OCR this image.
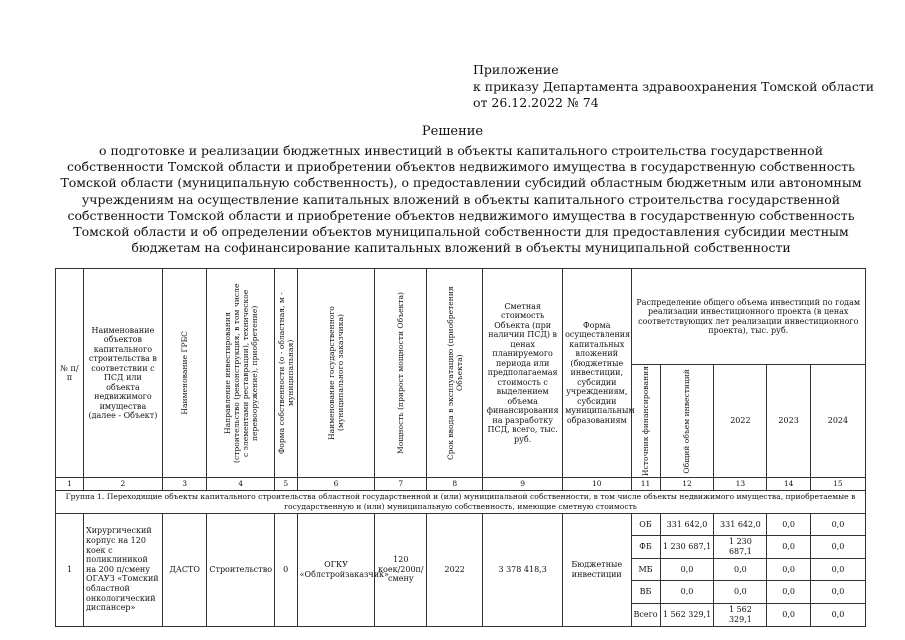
Приложение
к приказу Департамента здравоохранения Томской области
от 26.12.2022 № 74
Решение
о подготовке и реализации бюджетных инвестиций в объекты капитального строительства государственной собственности Томской области и приобретении объектов недвижимого имущества в государственную собственность Томской области (муниципальную собственность), о предоставлении субсидий областным бюджетным или автономным учреждениям на осуществление капитальных вложений в объекты капитального строительства государственной собственности Томской области и приобретение объектов недвижимого имущества в государственную собственность Томской области и об определении объектов муниципальной собственности для предоставления субсидии местным бюджетам на софинансирование капитальных вложений в объекты муниципальной собственности
№ п/п	Наименование объектов капитального строительства в соответствии с ПСД или объекта недвижимого имущества (далее - Объект)	Наименование ГРБС	Направление инвестирования (строительство (реконструкция, в том числе с элементами реставрации), техническое перевооружение), приобретение)	Форма собственности (о - областная, м - муниципальная)	Наименование государственного (муниципального заказчика)	Мощность (прирост мощности Объекта)	Срок ввода в эксплуатацию (приобретения Объекта)	Сметная стоимость Объекта (при наличии ПСД) в ценах планируемого периода или предполагаемая стоимость с выделением объема финансирования на разработку ПСД, всего, тыс. руб.	Форма осуществления капитальных вложений (бюджетные инвестиции, субсидии учреждениям, субсидии муниципальным образованиям	Распределение общего объема инвестиций по годам реализации инвестиционного проекта (в ценах соответствующих лет реализации инвестиционного проекта), тыс. руб.				

										Источник финансирования	Общий объем инвестиций	2022	2023	2024
1	2	3	4	5	6	7	8	9	10	11	12	13	14	15
Группа 1. Переходящие объекты капитального строительства областной государственной и (или) муниципальной собственности, в том числе объекты недвижимого имущества, приобретаемые в государственную и (или) муниципальную собственность, имеющие сметную стоимость														
1	Хирургический корпус на 120 коек с поликлиникой на 200 п/смену ОГАУЗ «Томский областной онкологический диспансер»	ДАСТО	Строительство	0	ОГКУ «Облстройзаказчик»	120 коек/200п/смену	2022	3 378 418,3	Бюджетные инвестиции	ОБ	331 642,0	331 642,0	0,0	0,0
										ФБ	1 230 687,1	1 230 687,1	0,0	0,0
										МБ	0,0	0,0	0,0	0,0
										ВБ	0,0	0,0	0,0	0,0
										Всего	1 562 329,1	1 562 329,1	0,0	0,0
